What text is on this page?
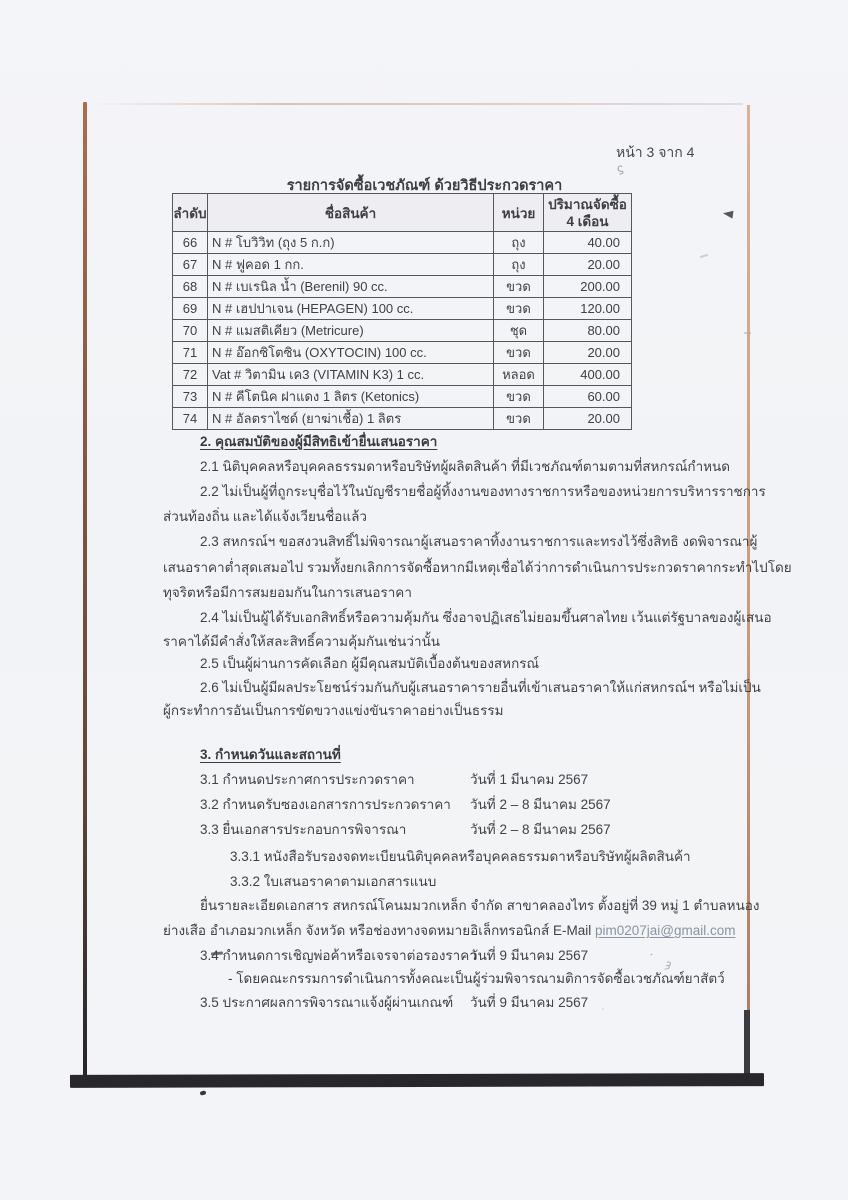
ϛ
ˊ ȝ
ˏ
หน้า 3 จาก 4
รายการจัดซื้อเวชภัณฑ์ ด้วยวิธีประกวดราคา
ลำดับ	ชื่อสินค้า	หน่วย	ปริมาณจัดซื้อ
4 เดือน

66	N # โบวิวิท (ถุง 5 ก.ก)	ถุง	40.00
67	N # ฟูคอด 1 กก.	ถุง	20.00
68	N # เบเรนิล น้ำ (Berenil) 90 cc.	ขวด	200.00
69	N # เฮปปาเจน (HEPAGEN) 100 cc.	ขวด	120.00
70	N # แมสติเคียว (Metricure)	ชุด	80.00
71	N # อ๊อกซิโตซิน (OXYTOCIN) 100 cc.	ขวด	20.00
72	Vat # วิตามิน เค3 (VITAMIN K3) 1 cc.	หลอด	400.00
73	N # คีโตนิค ฝาแดง 1 ลิตร (Ketonics)	ขวด	60.00
74	N # อัลตราไซด์ (ยาฆ่าเชื้อ) 1 ลิตร	ขวด	20.00
2. คุณสมบัติของผู้มีสิทธิเข้ายื่นเสนอราคา
2.1 นิติบุคคลหรือบุคคลธรรมดาหรือบริษัทผู้ผลิตสินค้า ที่มีเวชภัณฑ์ตามตามที่สหกรณ์กำหนด
2.2 ไม่เป็นผู้ที่ถูกระบุชื่อไว้ในบัญชีรายชื่อผู้ทิ้งงานของทางราชการหรือของหน่วยการบริหารราชการ
ส่วนท้องถิ่น และได้แจ้งเวียนชื่อแล้ว
2.3 สหกรณ์ฯ ขอสงวนสิทธิ์ไม่พิจารณาผู้เสนอราคาทิ้งงานราชการและทรงไว้ซึ่งสิทธิ งดพิจารณาผู้
เสนอราคาต่ำสุดเสมอไป รวมทั้งยกเลิกการจัดซื้อหากมีเหตุเชื่อได้ว่าการดำเนินการประกวดราคากระทำไปโดย
ทุจริตหรือมีการสมยอมกันในการเสนอราคา
2.4 ไม่เป็นผู้ได้รับเอกสิทธิ์หรือความคุ้มกัน ซึ่งอาจปฏิเสธไม่ยอมขึ้นศาลไทย เว้นแต่รัฐบาลของผู้เสนอ
ราคาได้มีคำสั่งให้สละสิทธิ์ความคุ้มกันเช่นว่านั้น
2.5 เป็นผู้ผ่านการคัดเลือก ผู้มีคุณสมบัติเบื้องต้นของสหกรณ์
2.6 ไม่เป็นผู้มีผลประโยชน์ร่วมกันกับผู้เสนอราคารายอื่นที่เข้าเสนอราคาให้แก่สหกรณ์ฯ หรือไม่เป็น
ผู้กระทำการอันเป็นการขัดขวางแข่งขันราคาอย่างเป็นธรรม
3. กำหนดวันและสถานที่
3.1 กำหนดประกาศการประกวดราคา	วันที่ 1 มีนาคม 2567
3.2 กำหนดรับซองเอกสารการประกวดราคา วันที่ 2 – 8 มีนาคม 2567
3.3 ยื่นเอกสารประกอบการพิจารณา	วันที่ 2 – 8 มีนาคม 2567
3.3.1 หนังสือรับรองจดทะเบียนนิติบุคคลหรือบุคคลธรรมดาหรือบริษัทผู้ผลิตสินค้า
3.3.2 ใบเสนอราคาตามเอกสารแนบ
ยื่นรายละเอียดเอกสาร สหกรณ์โคนมมวกเหล็ก จำกัด สาขาคลองไทร ตั้งอยู่ที่ 39 หมู่ 1 ตำบลหนอง
ย่างเสือ อำเภอมวกเหล็ก จังหวัด หรือช่องทางจดหมายอิเล็กทรอนิกส์ E-Mail pim0207jai@gmail.com
3.4 กำหนดการเชิญพ่อค้าหรือเจรจาต่อรองราคา
วันที่ 9 มีนาคม 2567
- โดยคณะกรรมการดำเนินการทั้งคณะเป็นผู้ร่วมพิจารณามติการจัดซื้อเวชภัณฑ์ยาสัตว์
3.5 ประกาศผลการพิจารณาแจ้งผู้ผ่านเกณฑ์ วันที่ 9 มีนาคม 2567
